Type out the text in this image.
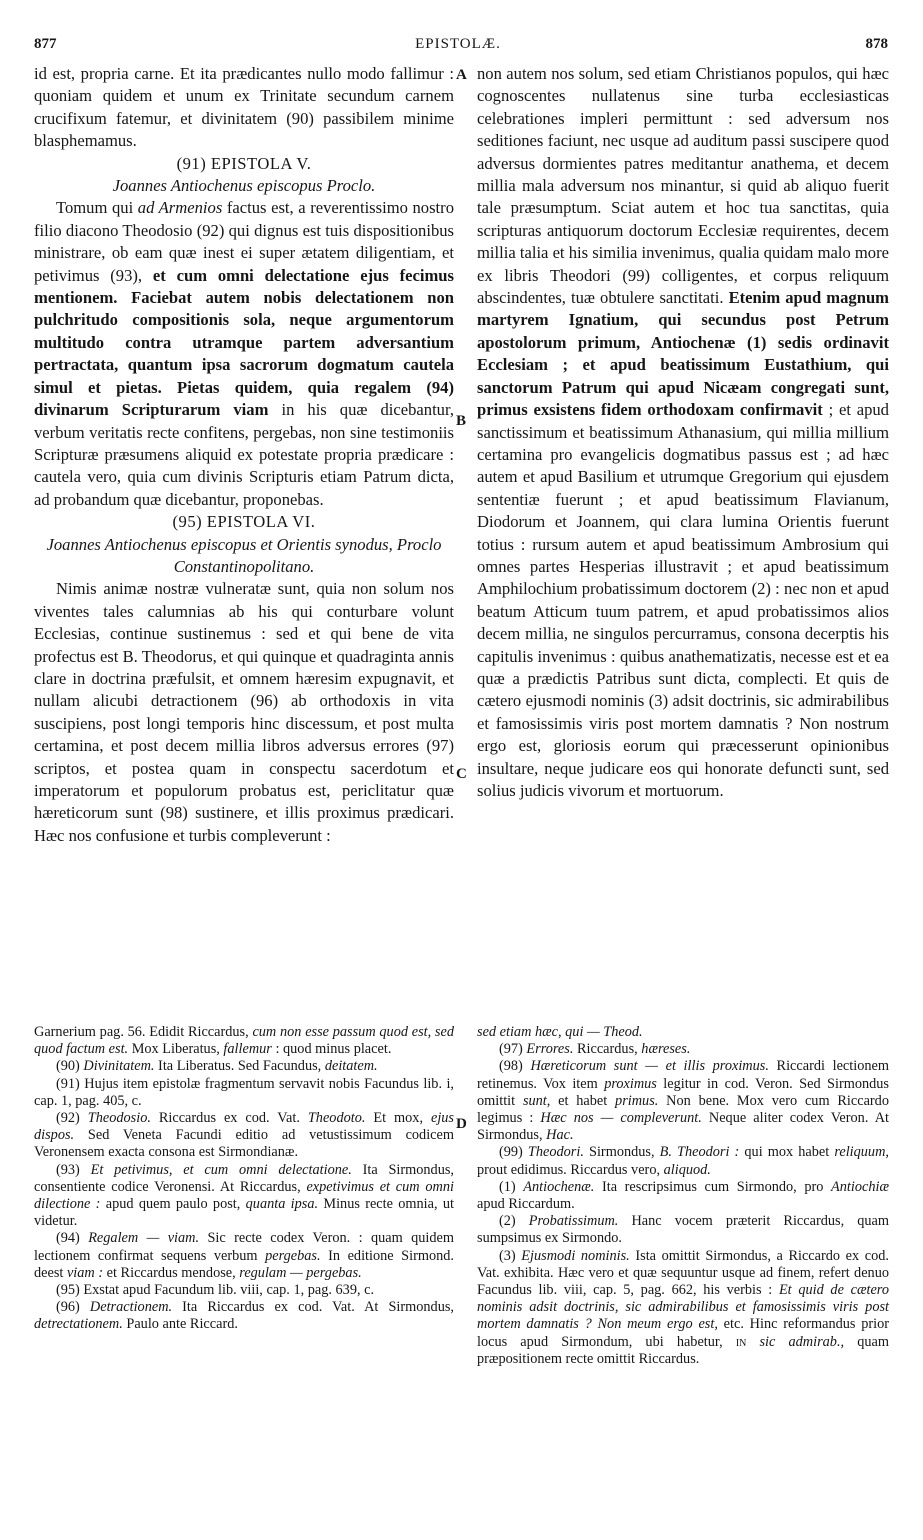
877	EPISTOLÆ.	878
A
B
C
D

id est, propria carne. Et ita prædicantes nullo modo fallimur : quoniam quidem et unum ex Trinitate secundum carnem crucifixum fatemur, et divinitatem (90) passibilem minime blasphemamus.

(91) EPISTOLA V.

Joannes Antiochenus episcopus Proclo.

Tomum qui ad Armenios factus est, a reverentissimo nostro filio diacono Theodosio (92) qui dignus est tuis dispositionibus ministrare, ob eam quæ inest ei super ætatem diligentiam, et petivimus (93), et cum omni delectatione ejus fecimus mentionem. Faciebat autem nobis delectationem non pulchritudo compositionis sola, neque argumentorum multitudo contra utramque partem adversantium pertractata, quantum ipsa sacrorum dogmatum cautela simul et pietas. Pietas quidem, quia regalem (94) divinarum Scripturarum viam in his quæ dicebantur, verbum veritatis recte confitens, pergebas, non sine testimoniis Scripturæ præsumens aliquid ex potestate propria prædicare : cautela vero, quia cum divinis Scripturis etiam Patrum dicta, ad probandum quæ dicebantur, proponebas.

(95) EPISTOLA VI.

Joannes Antiochenus episcopus et Orientis synodus, Proclo Constantinopolitano.

Nimis animæ nostræ vulneratæ sunt, quia non solum nos viventes tales calumnias ab his qui conturbare volunt Ecclesias, continue sustinemus : sed et qui bene de vita profectus est B. Theodorus, et qui quinque et quadraginta annis clare in doctrina præfulsit, et omnem hæresim expugnavit, et nullam alicubi detractionem (96) ab orthodoxis in vita suscipiens, post longi temporis hinc discessum, et post multa certamina, et post decem millia libros adversus errores (97) scriptos, et postea quam in conspectu sacerdotum et imperatorum et populorum probatus est, periclitatur quæ hæreticorum sunt (98) sustinere, et illis proximus prædicari. Hæc nos confusione et turbis compleverunt :

non autem nos solum, sed etiam Christianos populos, qui hæc cognoscentes nullatenus sine turba ecclesiasticas celebrationes impleri permittunt : sed adversum nos seditiones faciunt, nec usque ad auditum passi suscipere quod adversus dormientes patres meditantur anathema, et decem millia mala adversum nos minantur, si quid ab aliquo fuerit tale præsumptum. Sciat autem et hoc tua sanctitas, quia scripturas antiquorum doctorum Ecclesiæ requirentes, decem millia talia et his similia invenimus, qualia quidam malo more ex libris Theodori (99) colligentes, et corpus reliquum abscindentes, tuæ obtulere sanctitati. Etenim apud magnum martyrem Ignatium, qui secundus post Petrum apostolorum primum, Antiochenæ (1) sedis ordinavit Ecclesiam ; et apud beatissimum Eustathium, qui sanctorum Patrum qui apud Nicæam congregati sunt, primus exsistens fidem orthodoxam confirmavit ; et apud sanctissimum et beatissimum Athanasium, qui millia millium certamina pro evangelicis dogmatibus passus est ; ad hæc autem et apud Basilium et utrumque Gregorium qui ejusdem sententiæ fuerunt ; et apud beatissimum Flavianum, Diodorum et Joannem, qui clara lumina Orientis fuerunt totius : rursum autem et apud beatissimum Ambrosium qui omnes partes Hesperias illustravit ; et apud beatissimum Amphilochium probatissimum doctorem (2) : nec non et apud beatum Atticum tuum patrem, et apud probatissimos alios decem millia, ne singulos percurramus, consona decerptis his capitulis invenimus : quibus anathematizatis, necesse est et ea quæ a prædictis Patribus sunt dicta, complecti. Et quis de cætero ejusmodi nominis (3) adsit doctrinis, sic admirabilibus et famosissimis viris post mortem damnatis ? Non nostrum ergo est, gloriosis eorum qui præcesserunt opinionibus insultare, neque judicare eos qui honorate defuncti sunt, sed solius judicis vivorum et mortuorum.

Garnerium pag. 56. Edidit Riccardus, cum non esse passum quod est, sed quod factum est. Mox Liberatus, fallemur : quod minus placet.

(90) Divinitatem. Ita Liberatus. Sed Facundus, deitatem.

(91) Hujus item epistolæ fragmentum servavit nobis Facundus lib. i, cap. 1, pag. 405, c.

(92) Theodosio. Riccardus ex cod. Vat. Theodoto. Et mox, ejus dispos. Sed Veneta Facundi editio ad vetustissimum codicem Veronensem exacta consona est Sirmondianæ.

(93) Et petivimus, et cum omni delectatione. Ita Sirmondus, consentiente codice Veronensi. At Riccardus, expetivimus et cum omni dilectione : apud quem paulo post, quanta ipsa. Minus recte omnia, ut videtur.

(94) Regalem — viam. Sic recte codex Veron. : quam quidem lectionem confirmat sequens verbum pergebas. In editione Sirmond. deest viam : et Riccardus mendose, regulam — pergebas.

(95) Exstat apud Facundum lib. viii, cap. 1, pag. 639, c.

(96) Detractionem. Ita Riccardus ex cod. Vat. At Sirmondus, detrectationem. Paulo ante Riccard.

sed etiam hæc, qui — Theod.

(97) Errores. Riccardus, hæreses.

(98) Hæreticorum sunt — et illis proximus. Riccardi lectionem retinemus. Vox item proximus legitur in cod. Veron. Sed Sirmondus omittit sunt, et habet primus. Non bene. Mox vero cum Riccardo legimus : Hæc nos — compleverunt. Neque aliter codex Veron. At Sirmondus, Hac.

(99) Theodori. Sirmondus, B. Theodori : qui mox habet reliquum, prout edidimus. Riccardus vero, aliquod.

(1) Antiochenæ. Ita rescripsimus cum Sirmondo, pro Antiochiæ apud Riccardum.

(2) Probatissimum. Hanc vocem præterit Riccardus, quam sumpsimus ex Sirmondo.

(3) Ejusmodi nominis. Ista omittit Sirmondus, a Riccardo ex cod. Vat. exhibita. Hæc vero et quæ sequuntur usque ad finem, refert denuo Facundus lib. viii, cap. 5, pag. 662, his verbis : Et quid de cætero nominis adsit doctrinis, sic admirabilibus et famosissimis viris post mortem damnatis ? Non meum ergo est, etc. Hinc reformandus prior locus apud Sirmondum, ubi habetur, in sic admirab., quam præpositionem recte omittit Riccardus.
